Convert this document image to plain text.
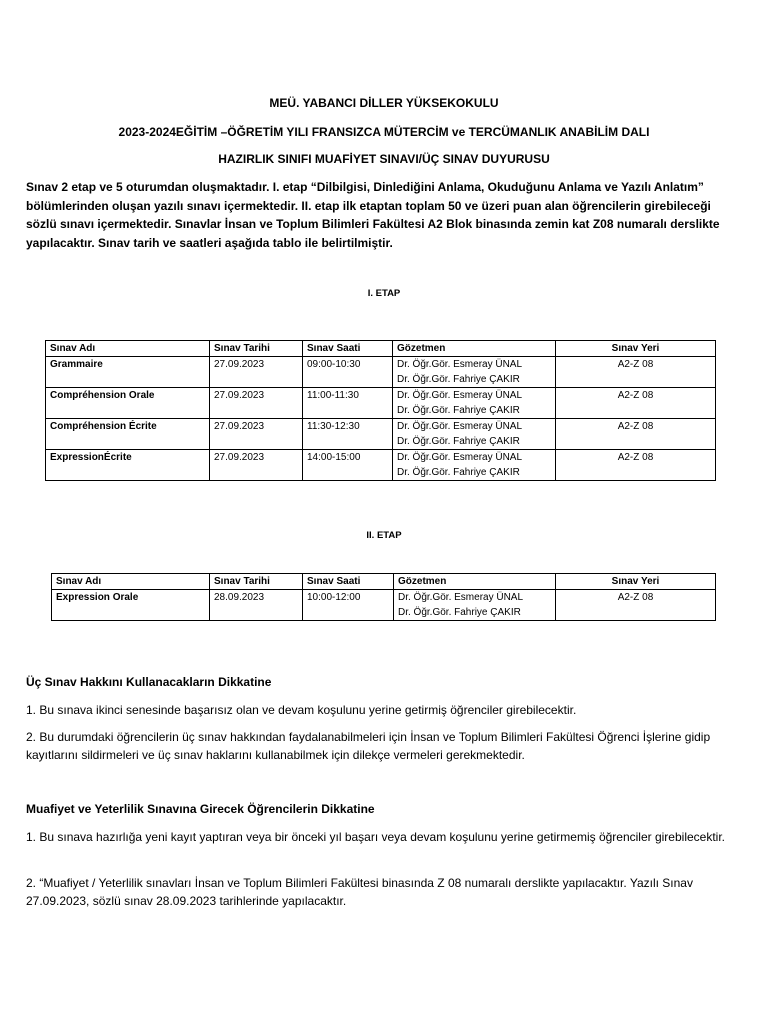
MEÜ. YABANCI DİLLER YÜKSEKOKULU
2023-2024EĞİTİM –ÖĞRETİM YILI FRANSIZCA MÜTERCİM ve TERCÜMANLIK ANABİLİM DALI
HAZIRLIK SINIFI MUAFİYET SINAVI/ÜÇ SINAV DUYURUSU

Sınav 2 etap ve 5 oturumdan oluşmaktadır. I. etap “Dilbilgisi, Dinlediğini Anlama, Okuduğunu Anlama ve Yazılı Anlatım” bölümlerinden oluşan yazılı sınavı içermektedir. II. etap ilk etaptan toplam 50 ve üzeri puan alan öğrencilerin girebileceği sözlü sınavı içermektedir. Sınavlar İnsan ve Toplum Bilimleri Fakültesi A2 Blok binasında zemin kat Z08 numaralı derslikte yapılacaktır. Sınav tarih ve saatleri aşağıda tablo ile belirtilmiştir.

I. ETAP
Sınav Adı	Sınav Tarihi	Sınav Saati	Gözetmen	Sınav Yeri
Grammaire	27.09.2023	09:00-10:30	Dr. Öğr.Gör. Esmeray ÜNAL
Dr. Öğr.Gör. Fahriye ÇAKIR	A2-Z 08
Compréhension Orale	27.09.2023	11:00-11:30	Dr. Öğr.Gör. Esmeray ÜNAL
Dr. Öğr.Gör. Fahriye ÇAKIR	A2-Z 08
Compréhension Écrite	27.09.2023	11:30-12:30	Dr. Öğr.Gör. Esmeray ÜNAL
Dr. Öğr.Gör. Fahriye ÇAKIR	A2-Z 08
ExpressionÉcrite	27.09.2023	14:00-15:00	Dr. Öğr.Gör. Esmeray ÜNAL
Dr. Öğr.Gör. Fahriye ÇAKIR	A2-Z 08
II. ETAP
Sınav Adı	Sınav Tarihi	Sınav Saati	Gözetmen	Sınav Yeri
Expression Orale	28.09.2023	10:00-12:00	Dr. Öğr.Gör. Esmeray ÜNAL
Dr. Öğr.Gör. Fahriye ÇAKIR	A2-Z 08
Üç Sınav Hakkını Kullanacakların Dikkatine

1. Bu sınava ikinci senesinde başarısız olan ve devam koşulunu yerine getirmiş öğrenciler girebilecektir.

2. Bu durumdaki öğrencilerin üç sınav hakkından faydalanabilmeleri için İnsan ve Toplum Bilimleri Fakültesi Öğrenci İşlerine gidip kayıtlarını sildirmeleri ve üç sınav haklarını kullanabilmek için dilekçe vermeleri gerekmektedir.

Muafiyet ve Yeterlilik Sınavına Girecek Öğrencilerin Dikkatine

1. Bu sınava hazırlığa yeni kayıt yaptıran veya bir önceki yıl başarı veya devam koşulunu yerine getirmemiş öğrenciler girebilecektir.

2. “Muafiyet / Yeterlilik sınavları İnsan ve Toplum Bilimleri Fakültesi binasında Z 08 numaralı derslikte yapılacaktır. Yazılı Sınav 27.09.2023, sözlü sınav 28.09.2023 tarihlerinde yapılacaktır.
